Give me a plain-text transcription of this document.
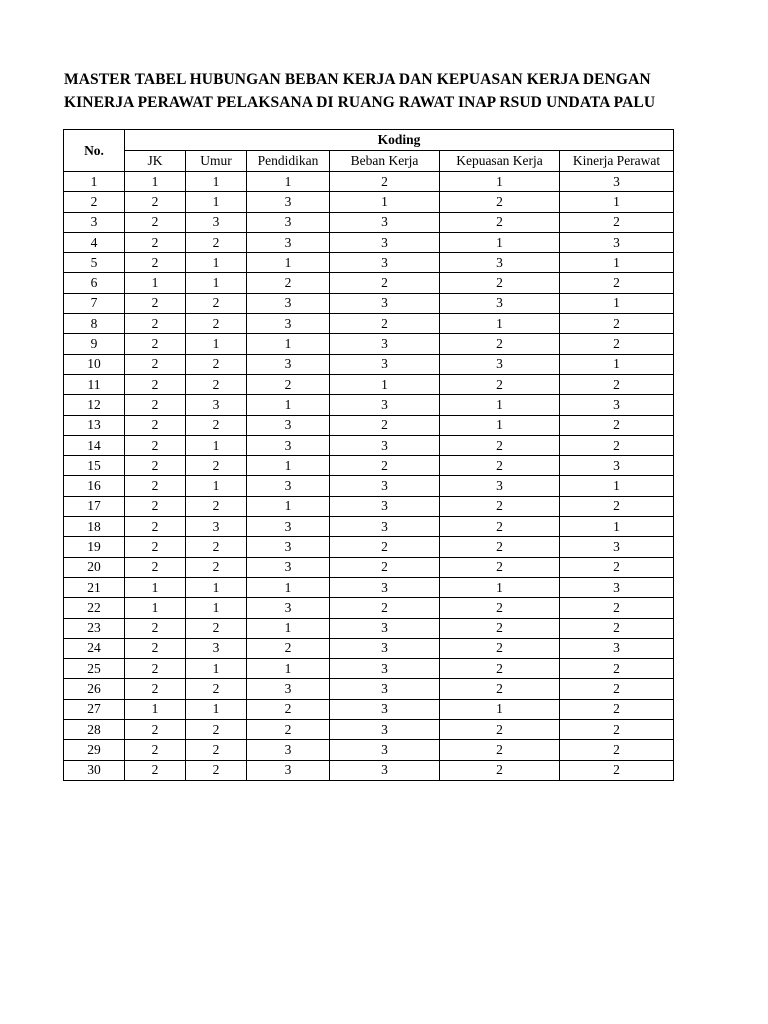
MASTER TABEL HUBUNGAN BEBAN KERJA DAN KEPUASAN KERJA DENGAN
KINERJA PERAWAT PELAKSANA DI RUANG RAWAT INAP RSUD UNDATA PALU
No.	Koding					
	JK	Umur	Pendidikan	Beban Kerja	Kepuasan Kerja	Kinerja Perawat
1	1	1	1	2	1	3
2	2	1	3	1	2	1
3	2	3	3	3	2	2
4	2	2	3	3	1	3
5	2	1	1	3	3	1
6	1	1	2	2	2	2
7	2	2	3	3	3	1
8	2	2	3	2	1	2
9	2	1	1	3	2	2
10	2	2	3	3	3	1
11	2	2	2	1	2	2
12	2	3	1	3	1	3
13	2	2	3	2	1	2
14	2	1	3	3	2	2
15	2	2	1	2	2	3
16	2	1	3	3	3	1
17	2	2	1	3	2	2
18	2	3	3	3	2	1
19	2	2	3	2	2	3
20	2	2	3	2	2	2
21	1	1	1	3	1	3
22	1	1	3	2	2	2
23	2	2	1	3	2	2
24	2	3	2	3	2	3
25	2	1	1	3	2	2
26	2	2	3	3	2	2
27	1	1	2	3	1	2
28	2	2	2	3	2	2
29	2	2	3	3	2	2
30	2	2	3	3	2	2
